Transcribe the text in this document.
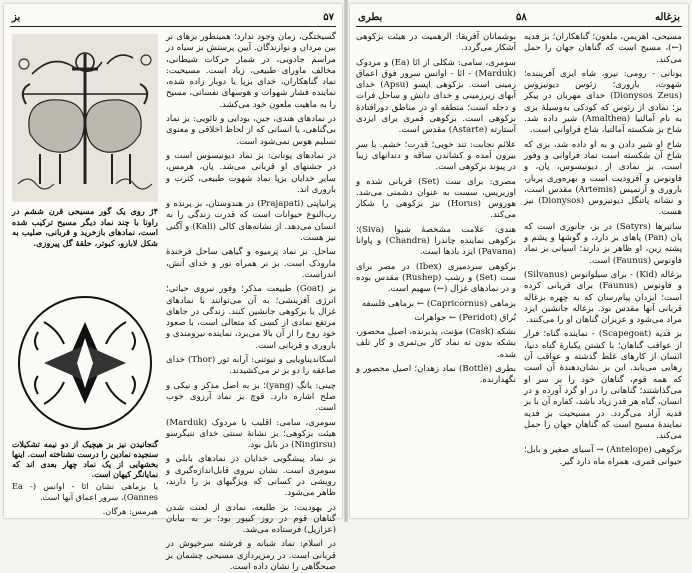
بز	۵۷
۴ژ روی یک گور مسیحی قرن ششم در راونا با چند نماد دیگر مسیح ترکیب شده است، نمادهای بازخرید و قربانی، صلیب به شکل لابارو، کبوتر، حلقهٔ گل پیروزی.
گنجانیدن نیز بز هیچیک از دو نیمه تشکیلات سنجیده نمادین را درست نشناخته است. اینها بخشهایی از یک نماد چهار بعدی اند که نمایانگر کیهان است.
یا بزماهی نشان ائا - اوانس (Ea - Oannes)، سرور اعماق آبها است.
هیرمس: هرگان.

گسیختگی، زمان وجود ندارد؛ همینطور بزهای نر بین مردان و نوازندگان. آیین پرستش بز سیاه در مراسم جادویی، در شمار حرکات شیطانی، مخالف ماورای طبیعی، زیاد است. مسیحیت: نماد گناهکاران، خدای بزپا یا دوبار زاده شده، نماینده فشار شهوات و هوسهای نفسانی، مسیح را به ماهیت ملعون خود می‌کشد.

در نمادهای هندی، جین، بودایی و تائویی: بز نماد بی‌گناهی، یا انسانی که از لحاظ اخلاقی و معنوی تسلیم هوس نمی‌شود است.

در نمادهای یونانی: بز نماد دیونیسوس است و در جشنهای او قربانی می‌شد. پان، هرمس، سایر خدایان بزپا نماد شهوت طبیعی، کثرت و باروری اند.

پرانیاپتی (Prajapati) در هندوستان، بز پرنده و رب‌النوع حیوانات است که قدرت زندگی را به انسان می‌دهد. از نشانه‌های کالی (Kali) و آگنی نیز هست.

ساحل. بز نماد پرمیوه و گیاهی ساحل فرخندهٔ مارودک است. بز نر همراه نور و خدای آتش، اندراست.

بز (Goat) طبیعت مذکر؛ وفور نیروی حیاتی؛ انرژی آفرینشی؛ به آن می‌توانند با نمادهای غزال یا بزکوهی جانشین کنند. زندگی در جاهای مرتفع نمادی از کسی که متعالی است، با صعود خود روح را از آن بالا می‌برد، نماینده نیرومندی و باروری و قربانی است.

اسکاندیناویایی و تیوتنی: آرابه ثور (Thor) خدای صاعقه را دو بز نر می‌کشیدند.

چینی: یانگ (yang)؛ بز به اصل مذکر و نیکی و صلح اشاره دارد. قوچ بز نماد آرزوی خوب است.

سومری، سامی: اقلیب با مردوک (Marduk) هیئت بزکوهی؛ بز نشانهٔ سنتی خدای ننیگرسو (Ningirsu) در بابل بود.

بز نماد پیشگویی خدایان در نمادهای بابلی و سومری است. نشان نیروی قابل‌اندازه‌گیری و رویشی در کسانی که ویژگیهای بز را دارند، ظاهر می‌شود.

در یهودیت: بز طلیعه، نمادی از لعنت شدن گناهان قوم در روز کیپور بود؛ بز به بیابان (عزازیل) فرستاده می‌شد.

در اسلام: نماد شبانه و فرشته سرخپوش در قربانی است. در رمزپردازی مسیحی چشمان بز صبحگاهی را نشان داده است.

بطری	۵۸	بزغاله

مسیحی، اهریمن، ملعون؛ گناهکاران؛ بز فدیه (←)، مسیح است که گناهان جهان را حمل می‌کند.

یونانی - رومی: نیرو، شاه ایزی آفریننده؛ شهوت، باروری؛ زئوس دیونیزوس (Dionysos Zeus) خدای مهربان در پیکر بز؛ نمادی از زئوس که کودکی به‌وسیلهٔ بزی به نام آمالتیا (Amalthea) شیر داده شد. شاخ بز شکسته آمالتیا، شاخ فراوانی است.

شاخ او شیر دادن و به او داده شد، بزی که شاخ آن شکسته است نماد فراوانی و وفور است، بز نمادی از دیونیسوس، پان، و فاونوس و آفرودیت است و بهره‌وری پربار، باروری و آرتمیس (Artemis) مقدس است، و نشانه پاتنگل دیونیزوس (Dionysos) نیز هست.

ساتیرها (Satyrs) در بز، جانوری است که پان (Pan) پاهای بز دارد، و گوشها و پشم و پشته زین، او ظاهر بز دارند؛ اسپانی بز نماد فاونوس (Faunus) است.

بزغاله (Kid) - برای سیلوانوس (Silvanus) و فاونوس (Faunus) برای قربانی کرده است؛ ایزدان پیام‌رسان که به چهره بزغاله قربانی آنها مقدس بود. بزغاله جانشین ایزد مراد می‌شود و عزیزان گناهان او را می‌کنند.

بز فدیه (Scapegoat) - نماینده گناه؛ فرار از عواقب گناهان؛ با کشتن یکبارهٔ گناه دنیا، انسان از کارهای غلط گذشته و عواقب آن رهایی می‌یابد. این بز نشان‌دهندهٔ آن است که همه قوم، گناهان خود را بر سر او می‌گذاشتند؛ گناهانی را در او گرد آورده و در انسان، گناه هر قدر زیاد باشد، کفاره آن با بز فدیه آزاد می‌گردد. در مسیحیت بز فدیه نمایندهٔ مسیح است که گناهان جهان را حمل می‌کند.

بزکوهی (Antelope) → آسیای صغیر و بابل؛ حیوانی قمری، همراه ماه دارد گیر.

بوشمانان آفریقا: الرهمیت در هیئت بزکوهی آشکار می‌گردد.

سومری، سامی: شکلی از ائا (Ea) و مردوک (Marduk) - ائا - اوانس سرور فوق اعماق زمینی است. بزکوهی اپسو (Apsu) خدای آبهای زیرزمینی و خدای دانش و ساحل فرات و دجله است؛ منطقه او در مناطق دورافتادهٔ بزکوهی است. بزکوهی قمری برای ایزدی آستارته (Astarte) مقدس است.

علائم نجابت: تند خویی؛ قدرت؛ خشم. با سر بیرون آمده و کشاندن ساقه و دندانهای زیبا در پیوند بزکوهی است.

مصری: برای ست (Set) قربانی شده و اوزیریس، سست به عنوان دشمنی می‌شد. هوروس (Horus) نیز بزکوهی را شکار می‌کند.

هندی: علامت مشخصهٔ شیوا (Siva)؛ بزکوهی نماینده چاندرا (Chandra) و پاوانا (Pavana) ایزد بادها است.

بزکوهی سردمیری (Ibex) در مصر برای ست (Set) و رشب (Rushep) مقدس بوده و در نمادهای غزال (←) سهیم است.

بزماهی (Capricornus) ← بزماهی فلسفه

بُراق (Peridot) ← جواهرات

بشکه (Cask) مؤنث، پذیرنده، اصیل محصور، بشکه بدون ته نماد کار بی‌ثمری و کار تلف شده.

بطری (Bottle) نماد زهدان؛ اصیل محصور و نگهدارنده.
